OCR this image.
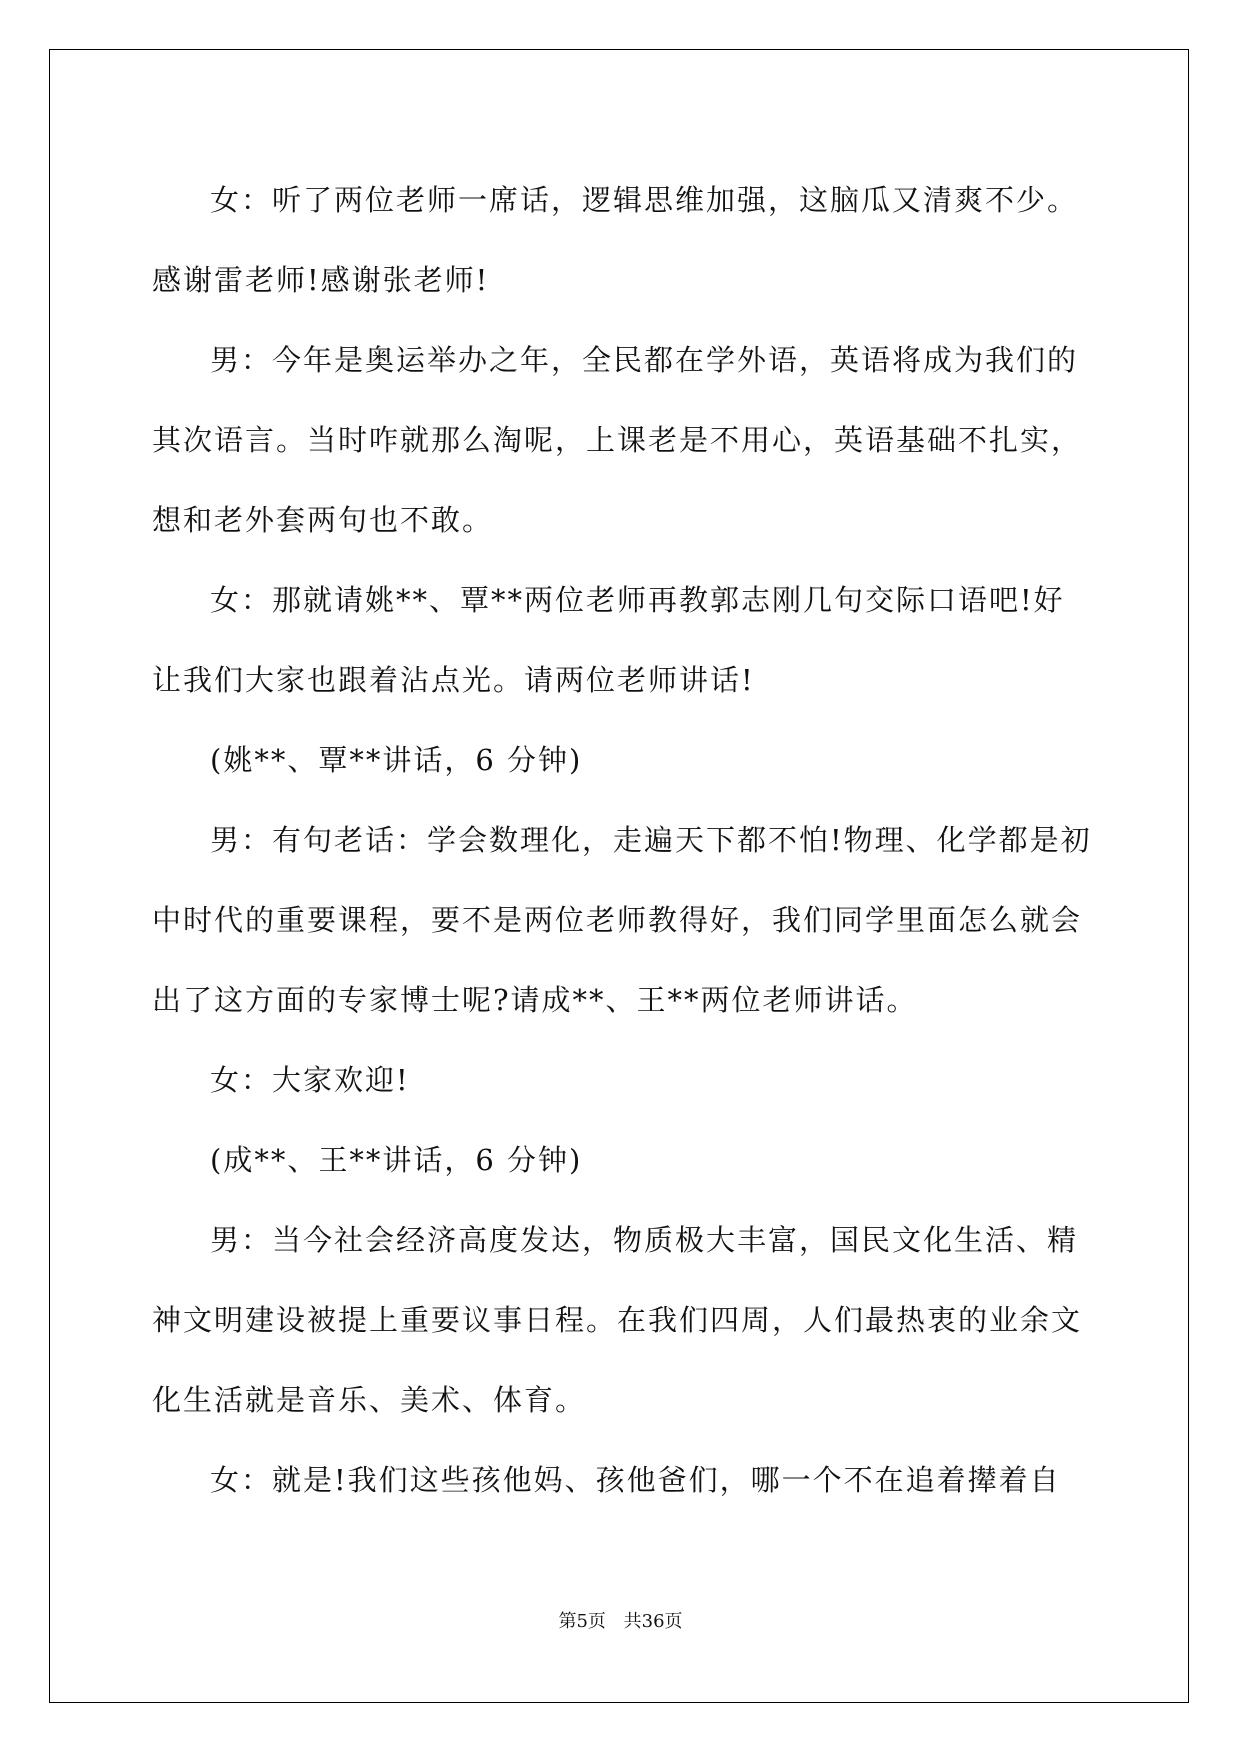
女：听了两位老师一席话，逻辑思维加强，这脑瓜又清爽不少。感谢雷老师!感谢张老师!

男：今年是奥运举办之年，全民都在学外语，英语将成为我们的其次语言。当时咋就那么淘呢，上课老是不用心，英语基础不扎实，想和老外套两句也不敢。

女：那就请姚**、覃**两位老师再教郭志刚几句交际口语吧!好让我们大家也跟着沾点光。请两位老师讲话!

(姚**、覃**讲话，6 分钟)

男：有句老话：学会数理化，走遍天下都不怕!物理、化学都是初中时代的重要课程，要不是两位老师教得好，我们同学里面怎么就会出了这方面的专家博士呢?请成**、王**两位老师讲话。

女：大家欢迎!

(成**、王**讲话，6 分钟)

男：当今社会经济高度发达，物质极大丰富，国民文化生活、精神文明建设被提上重要议事日程。在我们四周，人们最热衷的业余文化生活就是音乐、美术、体育。

女：就是!我们这些孩他妈、孩他爸们，哪一个不在追着撵着自

第5页 共36页
